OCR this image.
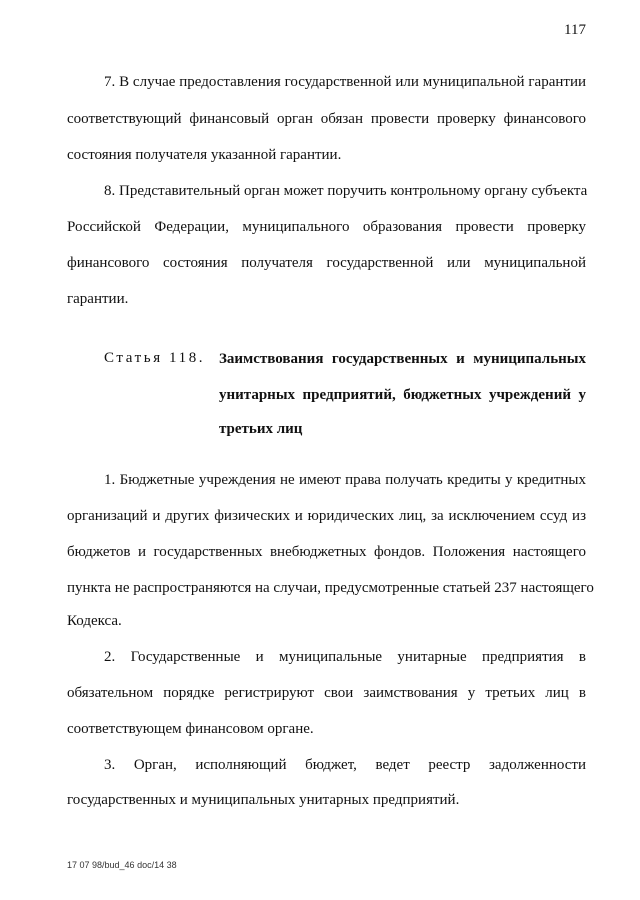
117
7. В случае предоставления государственной или муниципальной гарантии
соответствующий финансовый орган обязан провести проверку финансового
состояния получателя указанной гарантии.
8. Представительный орган может поручить контрольному органу субъекта
Российской Федерации, муниципального образования провести проверку
финансового состояния получателя государственной или муниципальной
гарантии.
Статья 118. Заимствования государственных и муниципальных
унитарных предприятий, бюджетных учреждений у
третьих лиц
1. Бюджетные учреждения не имеют права получать кредиты у кредитных
организаций и других физических и юридических лиц, за исключением ссуд из
бюджетов и государственных внебюджетных фондов. Положения настоящего
пункта не распространяются на случаи, предусмотренные статьей 237 настоящего
Кодекса.
2. Государственные и муниципальные унитарные предприятия в
обязательном порядке регистрируют свои заимствования у третьих лиц в
соответствующем финансовом органе.
3. Орган, исполняющий бюджет, ведет реестр задолженности
государственных и муниципальных унитарных предприятий.
17 07 98/bud_46 doc/14 38
